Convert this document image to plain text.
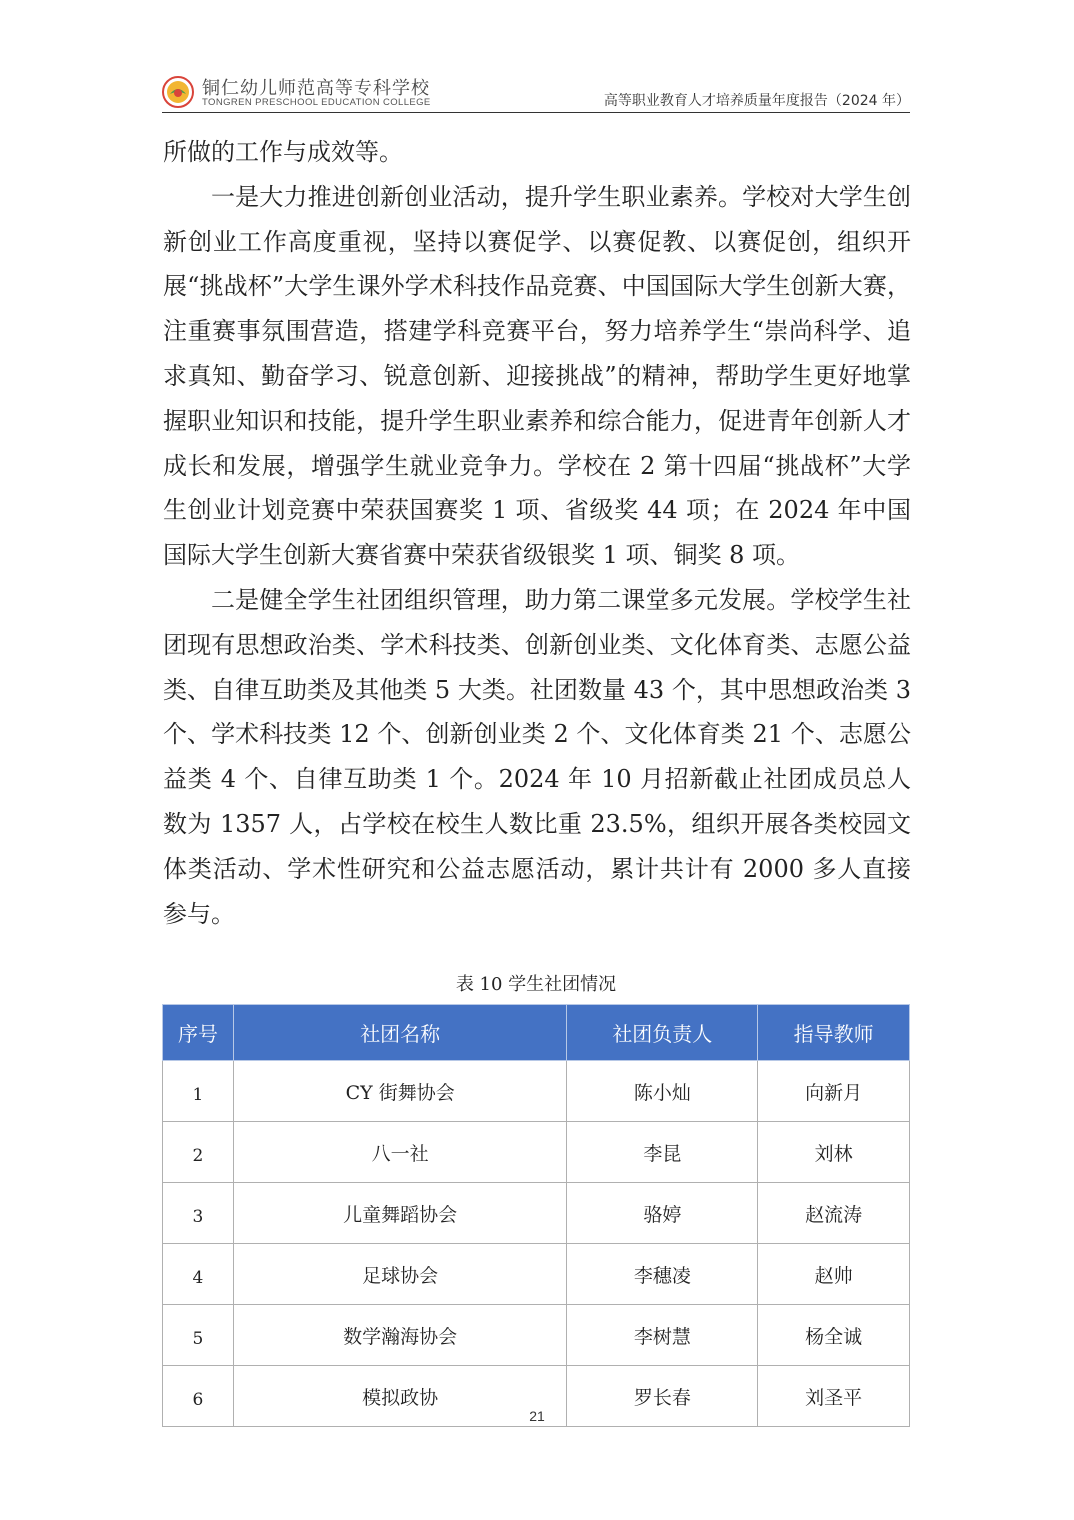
铜仁幼儿师范高等专科学校
TONGREN PRESCHOOL EDUCATION COLLEGE	高等职业教育人才培养质量年度报告（2024 年）

所做的工作与成效等。

一是大力推进创新创业活动，提升学生职业素养。学校对大学生创新创业工作高度重视，坚持以赛促学、以赛促教、以赛促创，组织开展“挑战杯”大学生课外学术科技作品竞赛、中国国际大学生创新大赛，注重赛事氛围营造，搭建学科竞赛平台，努力培养学生“崇尚科学、追求真知、勤奋学习、锐意创新、迎接挑战”的精神，帮助学生更好地掌握职业知识和技能，提升学生职业素养和综合能力，促进青年创新人才成长和发展，增强学生就业竞争力。学校在 2 第十四届“挑战杯”大学生创业计划竞赛中荣获国赛奖 1 项、省级奖 44 项；在 2024 年中国国际大学生创新大赛省赛中荣获省级银奖 1 项、铜奖 8 项。

二是健全学生社团组织管理，助力第二课堂多元发展。学校学生社团现有思想政治类、学术科技类、创新创业类、文化体育类、志愿公益类、自律互助类及其他类 5 大类。社团数量 43 个，其中思想政治类 3 个、学术科技类 12 个、创新创业类 2 个、文化体育类 21 个、志愿公益类 4 个、自律互助类 1 个。2024 年 10 月招新截止社团成员总人数为 1357 人，占学校在校生人数比重 23.5%，组织开展各类校园文体类活动、学术性研究和公益志愿活动，累计共计有 2000 多人直接参与。

表 10 学生社团情况
序号	社团名称	社团负责人	指导教师
1	CY 街舞协会	陈小灿	向新月
2	八一社	李昆	刘林
3	儿童舞蹈协会	骆婷	赵流涛
4	足球协会	李穗凌	赵帅
5	数学瀚海协会	李树慧	杨全诚
6	模拟政协	罗长春	刘圣平
21
